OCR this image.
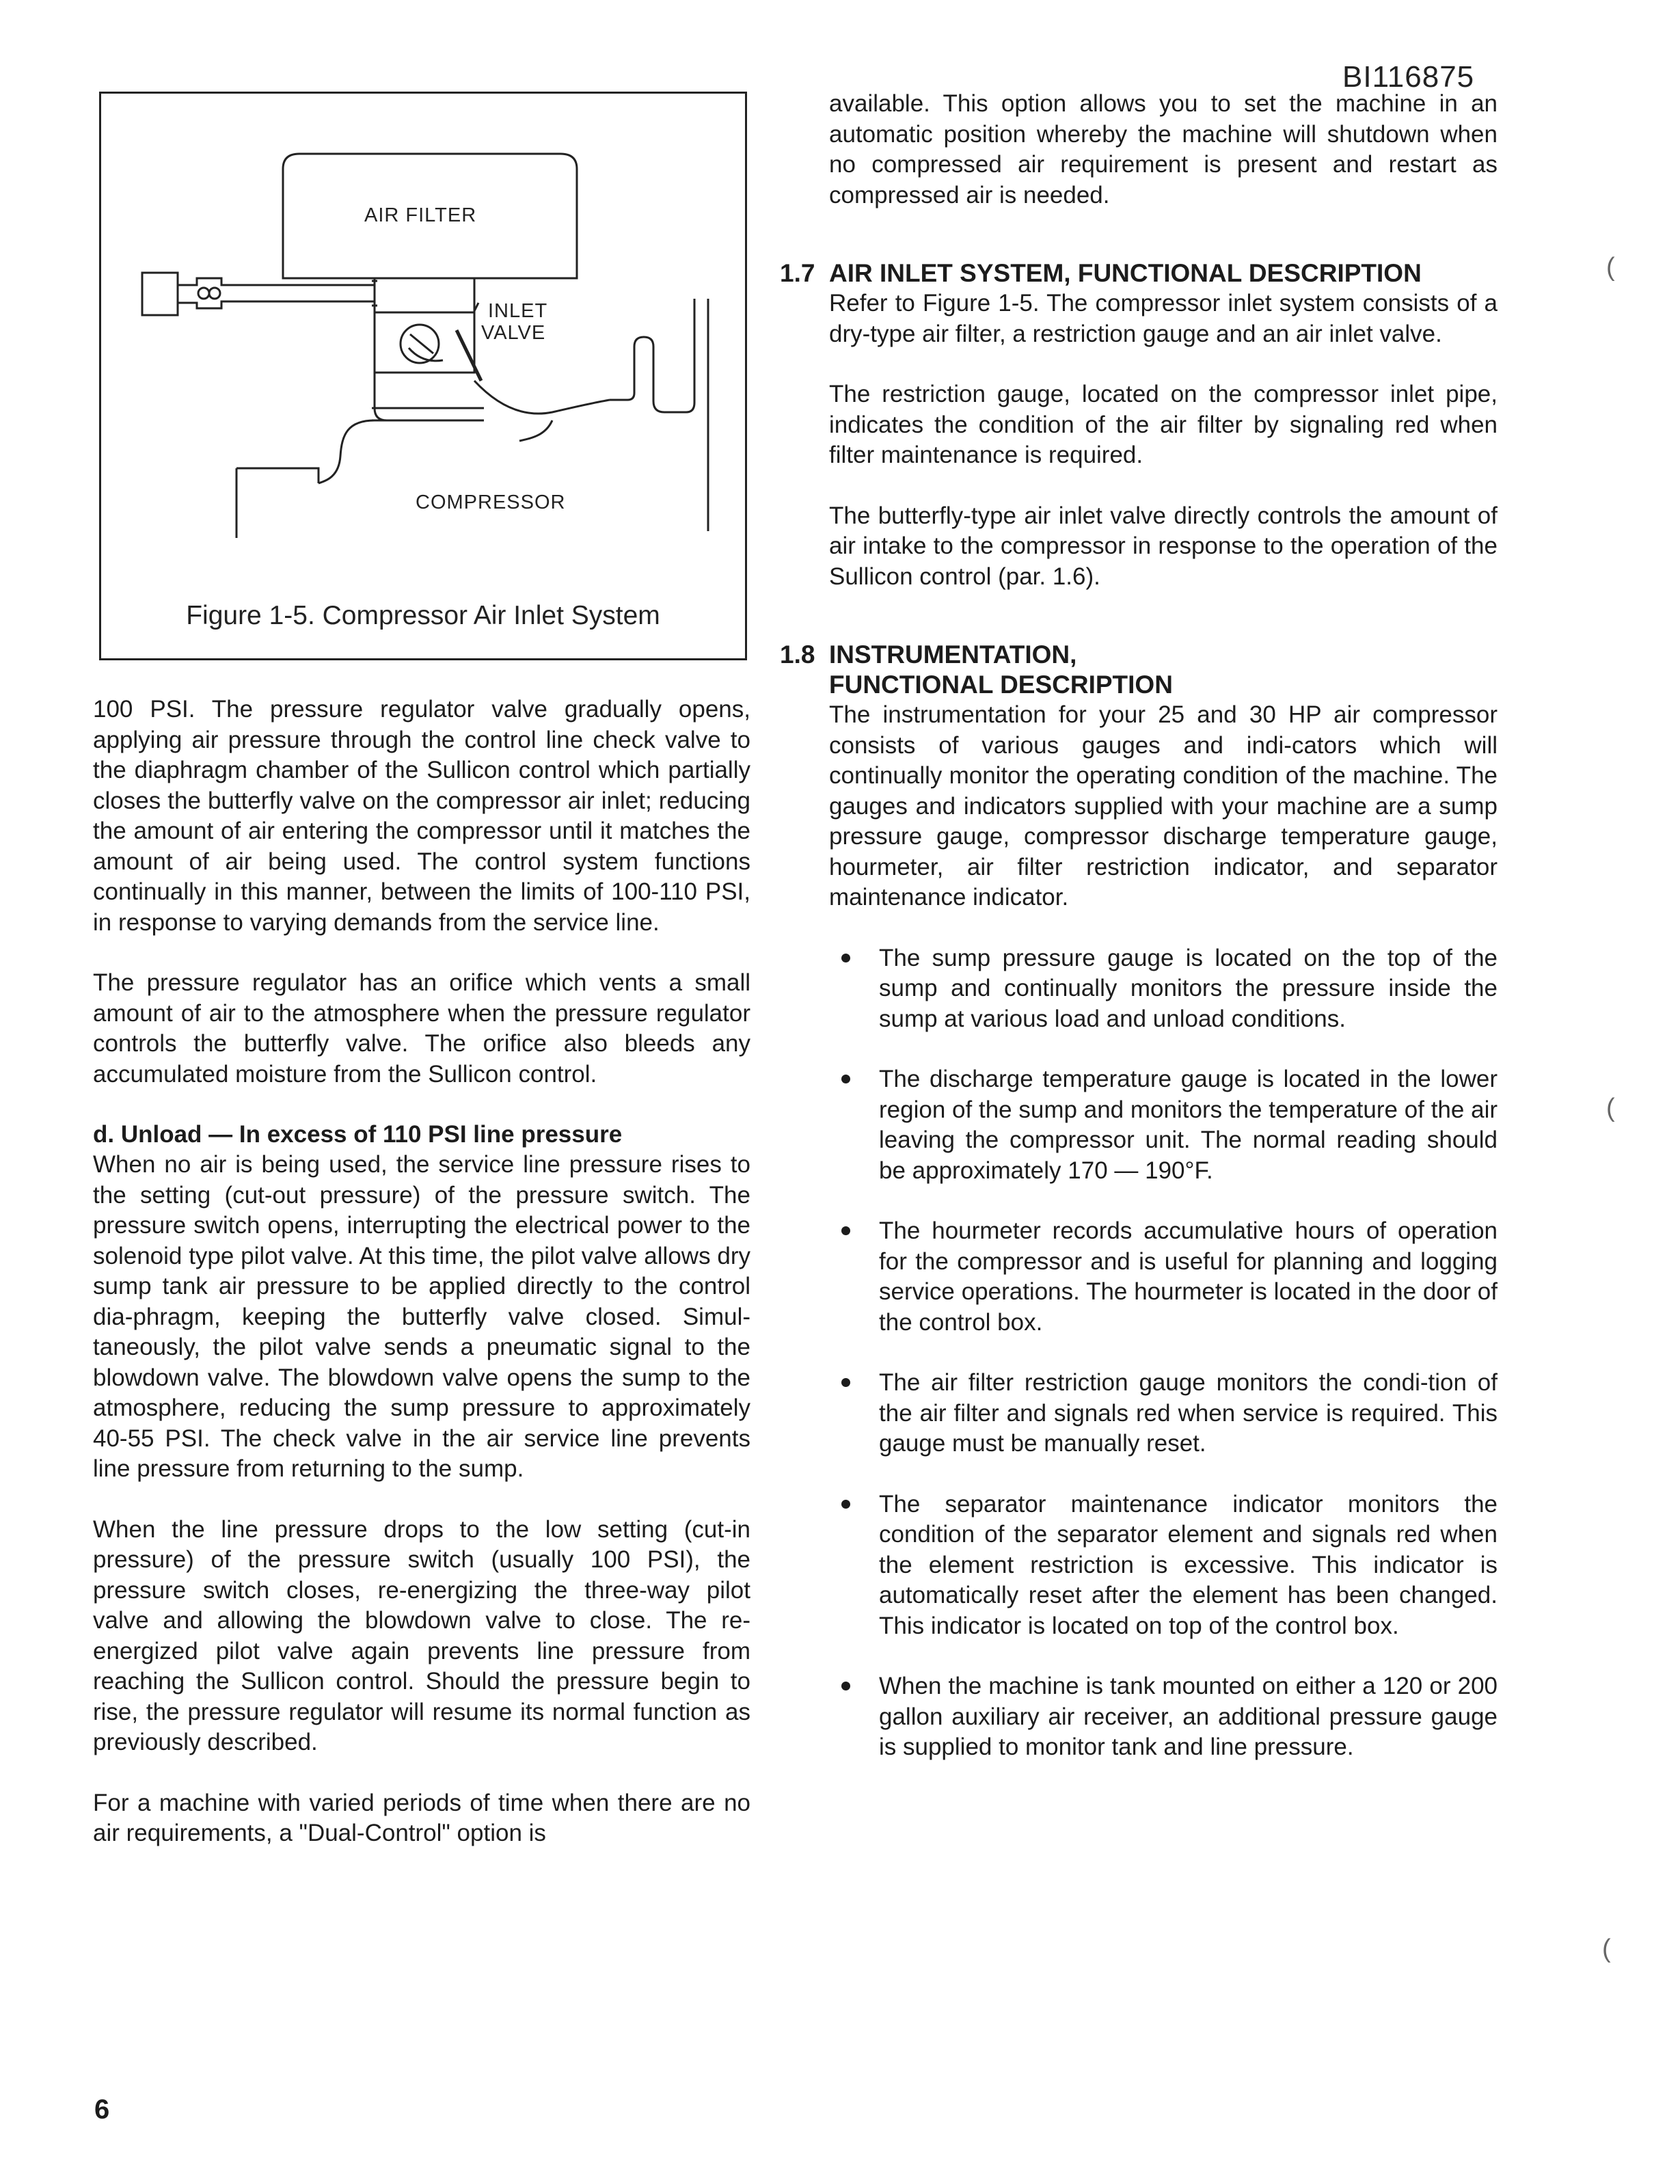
BI116875
AIR FILTER
INLET
VALVE
COMPRESSOR
Figure 1-5. Compressor Air Inlet System

100 PSI. The pressure regulator valve gradually opens, applying air pressure through the control line check valve to the diaphragm chamber of the Sullicon control which partially closes the butterfly valve on the compressor air inlet; reducing the amount of air entering the compressor until it matches the amount of air being used. The control system functions continually in this manner, between the limits of 100-110 PSI, in response to varying demands from the service line.

The pressure regulator has an orifice which vents a small amount of air to the atmosphere when the pressure regulator controls the butterfly valve. The orifice also bleeds any accumulated moisture from the Sullicon control.

d. Unload — In excess of 110 PSI line pressure

When no air is being used, the service line pressure rises to the setting (cut-out pressure) of the pressure switch. The pressure switch opens, interrupting the electrical power to the solenoid type pilot valve. At this time, the pilot valve allows dry sump tank air pressure to be applied directly to the control dia-phragm, keeping the butterfly valve closed. Simul-taneously, the pilot valve sends a pneumatic signal to the blowdown valve. The blowdown valve opens the sump to the atmosphere, reducing the sump pressure to approximately 40-55 PSI. The check valve in the air service line prevents line pressure from returning to the sump.

When the line pressure drops to the low setting (cut-in pressure) of the pressure switch (usually 100 PSI), the pressure switch closes, re-energizing the three-way pilot valve and allowing the blowdown valve to close. The re-energized pilot valve again prevents line pressure from reaching the Sullicon control. Should the pressure begin to rise, the pressure regulator will resume its normal function as previously described.

For a machine with varied periods of time when there are no air requirements, a "Dual-Control" option is

available. This option allows you to set the machine in an automatic position whereby the machine will shutdown when no compressed air requirement is present and restart as compressed air is needed.

1.7 AIR INLET SYSTEM, FUNCTIONAL DESCRIPTION

Refer to Figure 1-5. The compressor inlet system consists of a dry-type air filter, a restriction gauge and an air inlet valve.

The restriction gauge, located on the compressor inlet pipe, indicates the condition of the air filter by signaling red when filter maintenance is required.

The butterfly-type air inlet valve directly controls the amount of air intake to the compressor in response to the operation of the Sullicon control (par. 1.6).

1.8 INSTRUMENTATION,

FUNCTIONAL DESCRIPTION

The instrumentation for your 25 and 30 HP air compressor consists of various gauges and indi-cators which will continually monitor the operating condition of the machine. The gauges and indicators supplied with your machine are a sump pressure gauge, compressor discharge temperature gauge, hourmeter, air filter restriction indicator, and separator maintenance indicator.

The sump pressure gauge is located on the top of the sump and continually monitors the pressure inside the sump at various load and unload conditions.

The discharge temperature gauge is located in the lower region of the sump and monitors the temperature of the air leaving the compressor unit. The normal reading should be approximately 170 — 190°F.

The hourmeter records accumulative hours of operation for the compressor and is useful for planning and logging service operations. The hourmeter is located in the door of the control box.

The air filter restriction gauge monitors the condi-tion of the air filter and signals red when service is required. This gauge must be manually reset.

The separator maintenance indicator monitors the condition of the separator element and signals red when the element restriction is excessive. This indicator is automatically reset after the element has been changed. This indicator is located on top of the control box.

When the machine is tank mounted on either a 120 or 200 gallon auxiliary air receiver, an additional pressure gauge is supplied to monitor tank and line pressure.

(
(
(
6
